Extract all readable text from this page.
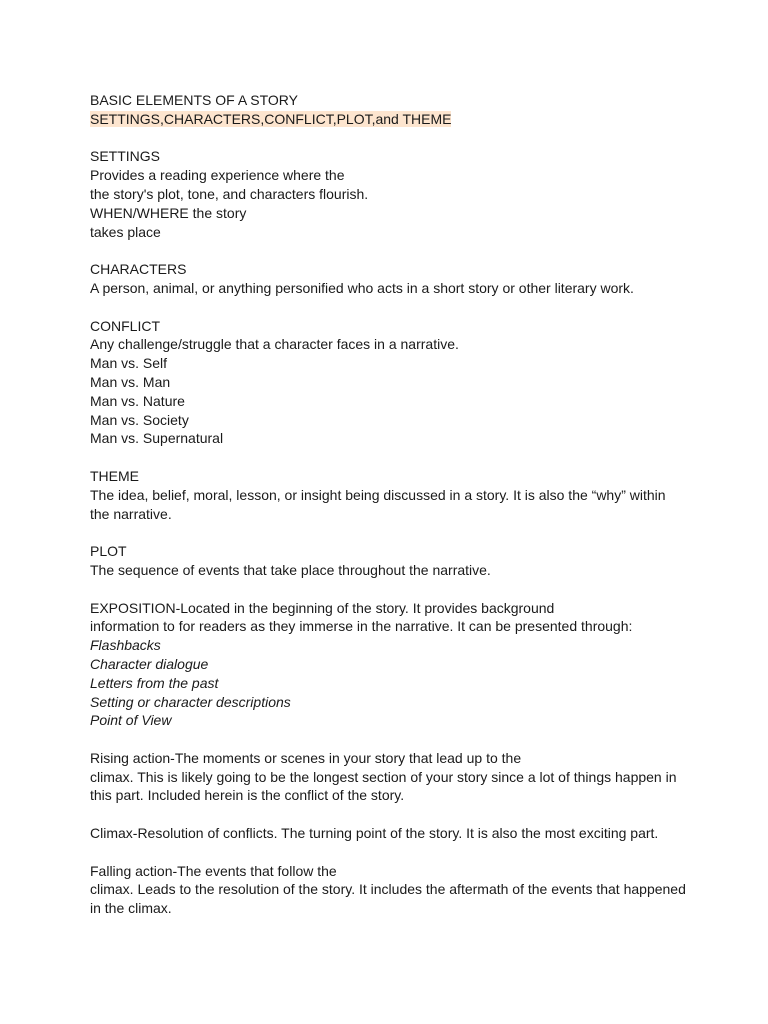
BASIC ELEMENTS OF A STORY
SETTINGS,CHARACTERS,CONFLICT,PLOT,and THEME
SETTINGS
Provides a reading experience where the
the story's plot, tone, and characters flourish.
WHEN/WHERE the story
takes place
CHARACTERS
A person, animal, or anything personified who acts in a short story or other literary work.
CONFLICT
Any challenge/struggle that a character faces in a narrative.
Man vs. Self
Man vs. Man
Man vs. Nature
Man vs. Society
Man vs. Supernatural
THEME
The idea, belief, moral, lesson, or insight being discussed in a story. It is also the “why” within
the narrative.
PLOT
The sequence of events that take place throughout the narrative.
EXPOSITION-Located in the beginning of the story. It provides background
information to for readers as they immerse in the narrative. It can be presented through:
Flashbacks
Character dialogue
Letters from the past
Setting or character descriptions
Point of View
Rising action-The moments or scenes in your story that lead up to the
climax. This is likely going to be the longest section of your story since a lot of things happen in
this part. Included herein is the conflict of the story.
Climax-Resolution of conflicts. The turning point of the story. It is also the most exciting part.
Falling action-The events that follow the
climax. Leads to the resolution of the story. It includes the aftermath of the events that happened
in the climax.
